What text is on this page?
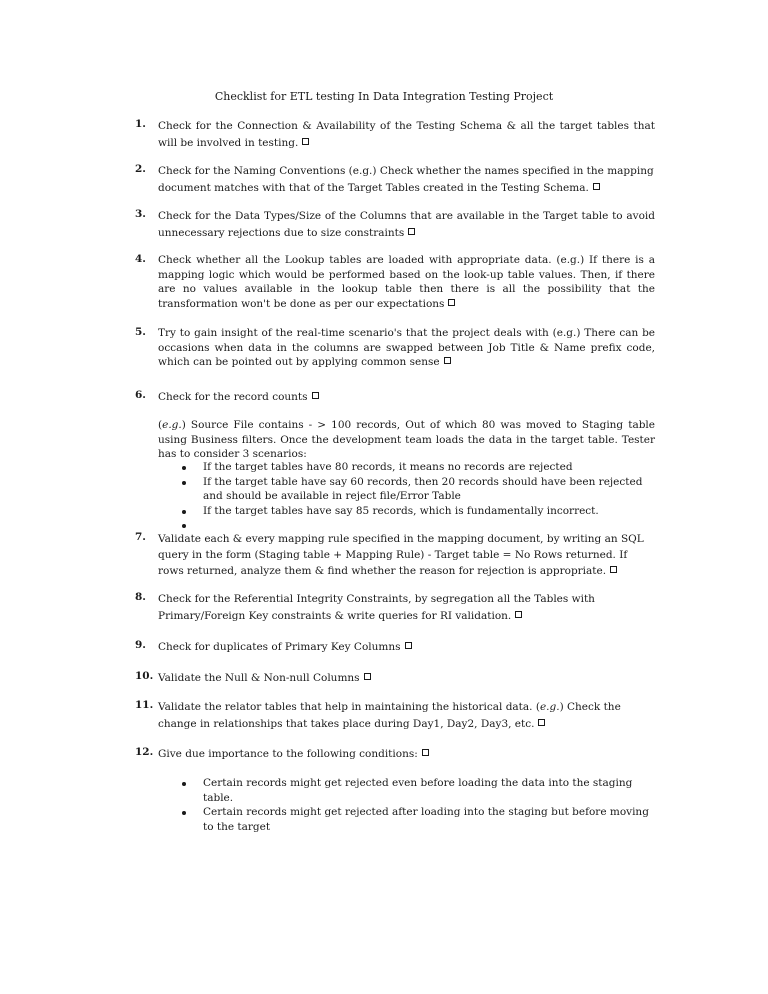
Checklist for ETL testing In Data Integration Testing Project
1. Check for the Connection & Availability of the Testing Schema & all the target tables that will be involved in testing.
2. Check for the Naming Conventions (e.g.) Check whether the names specified in the mapping document matches with that of the Target Tables created in the Testing Schema.
3. Check for the Data Types/Size of the Columns that are available in the Target table to avoid unnecessary rejections due to size constraints
4. Check whether all the Lookup tables are loaded with appropriate data. (e.g.) If there is a mapping logic which would be performed based on the look-up table values. Then, if there are no values available in the lookup table then there is all the possibility that the transformation won't be done as per our expectations
5. Try to gain insight of the real-time scenario's that the project deals with (e.g.) There can be occasions when data in the columns are swapped between Job Title & Name prefix code, which can be pointed out by applying common sense
6. Check for the record counts
(e.g.) Source File contains - > 100 records, Out of which 80 was moved to Staging table using Business filters. Once the development team loads the data in the target table. Tester has to consider 3 scenarios:
If the target tables have 80 records, it means no records are rejected
If the target table have say 60 records, then 20 records should have been rejected and should be available in reject file/Error Table
If the target tables have say 85 records, which is fundamentally incorrect.
7. Validate each & every mapping rule specified in the mapping document, by writing an SQL query in the form (Staging table + Mapping Rule) - Target table = No Rows returned. If rows returned, analyze them & find whether the reason for rejection is appropriate.
8. Check for the Referential Integrity Constraints, by segregation all the Tables with Primary/Foreign Key constraints & write queries for RI validation.
9. Check for duplicates of Primary Key Columns
10. Validate the Null & Non-null Columns
11. Validate the relator tables that help in maintaining the historical data. (e.g.) Check the change in relationships that takes place during Day1, Day2, Day3, etc.
12. Give due importance to the following conditions:
Certain records might get rejected even before loading the data into the staging table.
Certain records might get rejected after loading into the staging but before moving to the target
